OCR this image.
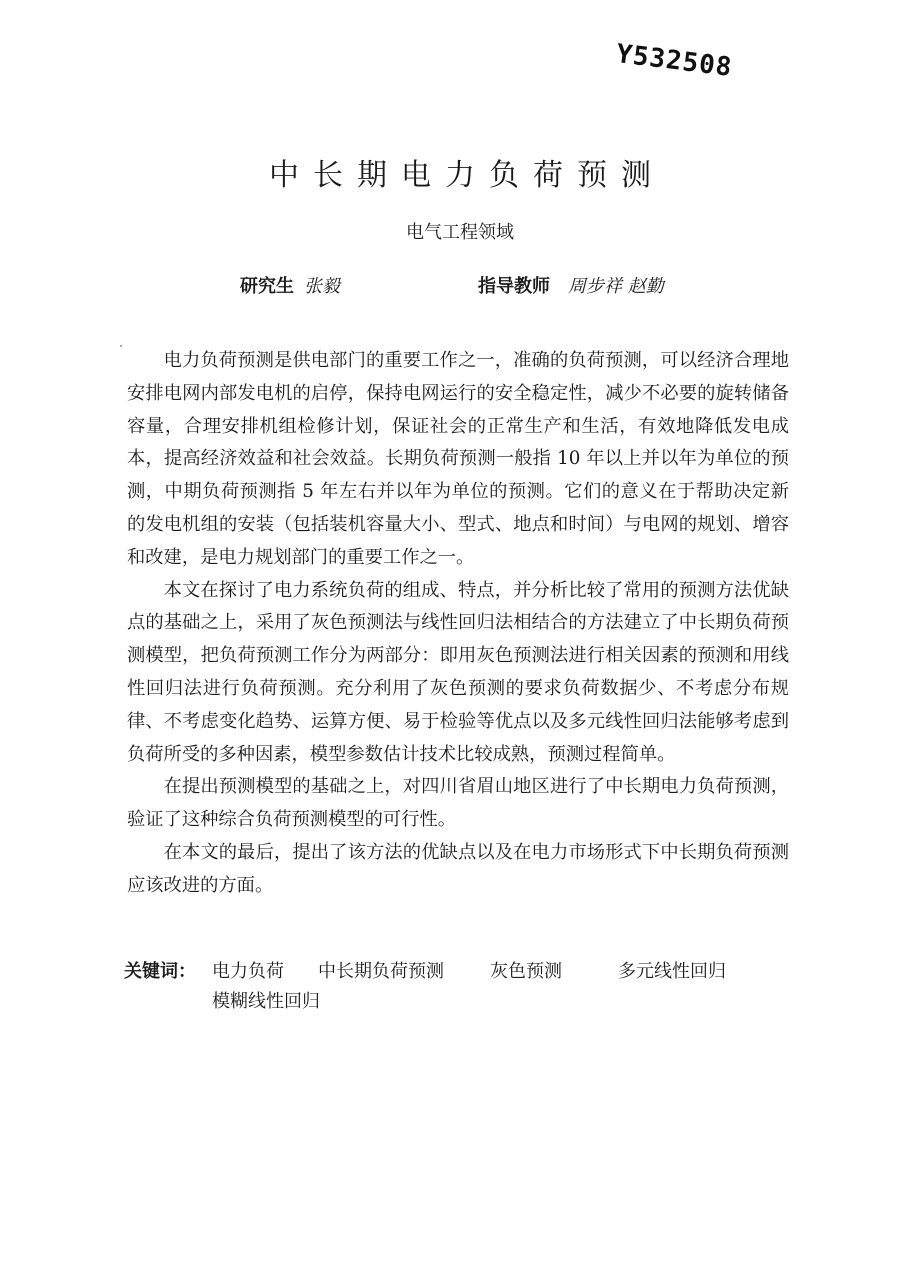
Y532508
中长期电力负荷预测
电气工程领域
研究生 张毅	指导教师 周步祥 赵勤

电力负荷预测是供电部门的重要工作之一，准确的负荷预测，可以经济合理地安排电网内部发电机的启停，保持电网运行的安全稳定性，减少不必要的旋转储备容量，合理安排机组检修计划，保证社会的正常生产和生活，有效地降低发电成本，提高经济效益和社会效益。长期负荷预测一般指 10 年以上并以年为单位的预测，中期负荷预测指 5 年左右并以年为单位的预测。它们的意义在于帮助决定新的发电机组的安装（包括装机容量大小、型式、地点和时间）与电网的规划、增容和改建，是电力规划部门的重要工作之一。

本文在探讨了电力系统负荷的组成、特点，并分析比较了常用的预测方法优缺点的基础之上，采用了灰色预测法与线性回归法相结合的方法建立了中长期负荷预测模型，把负荷预测工作分为两部分：即用灰色预测法进行相关因素的预测和用线性回归法进行负荷预测。充分利用了灰色预测的要求负荷数据少、不考虑分布规律、不考虑变化趋势、运算方便、易于检验等优点以及多元线性回归法能够考虑到负荷所受的多种因素，模型参数估计技术比较成熟，预测过程简单。

在提出预测模型的基础之上，对四川省眉山地区进行了中长期电力负荷预测，验证了这种综合负荷预测模型的可行性。

在本文的最后，提出了该方法的优缺点以及在电力市场形式下中长期负荷预测应该改进的方面。

关键词： 电力负荷 中长期负荷预测	灰色预测	多元线性回归
模糊线性回归
